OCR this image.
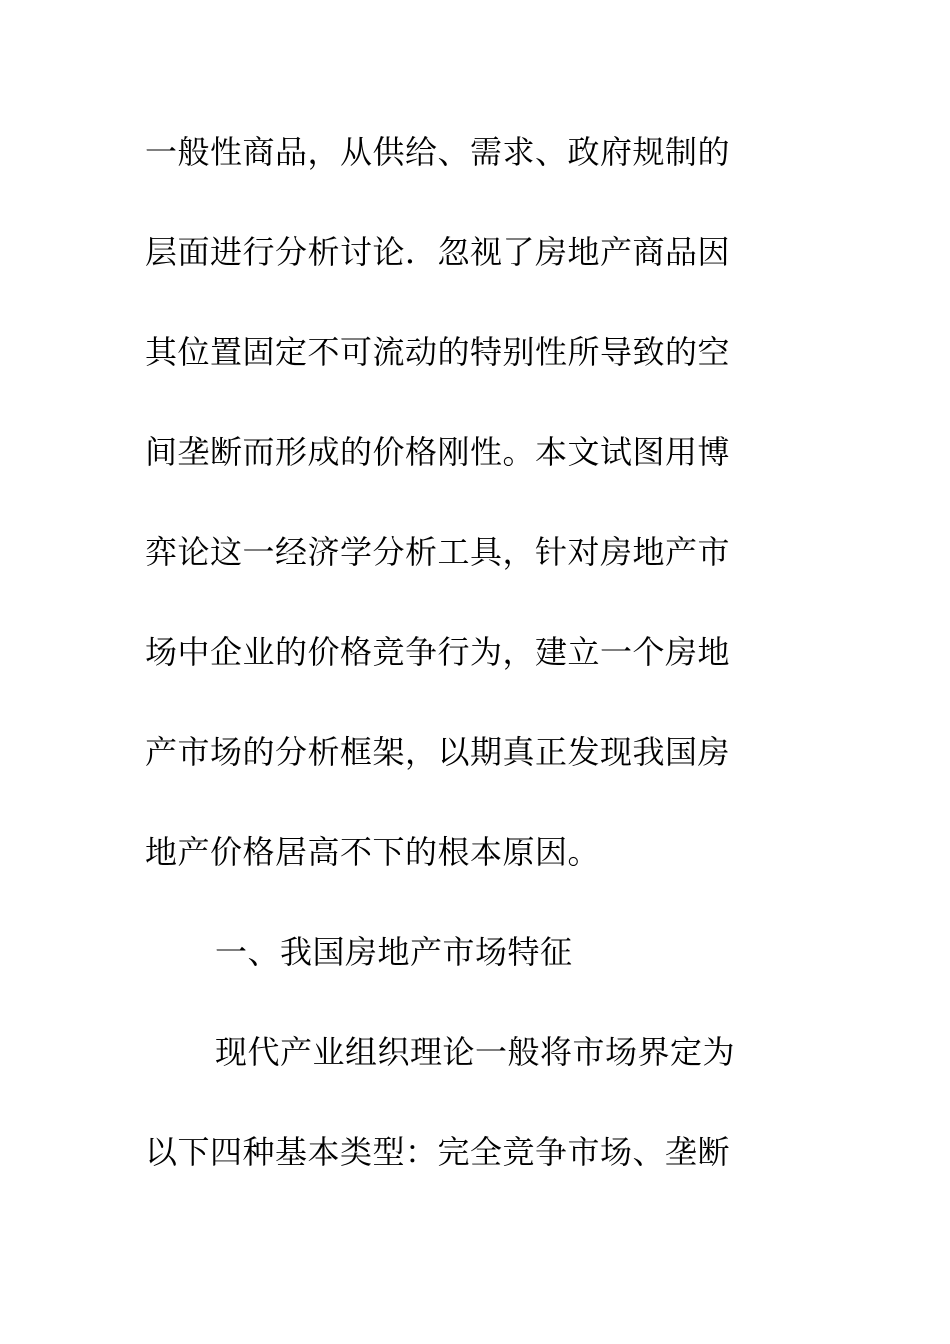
一般性商品，从供给、需求、政府规制的
层面进行分析讨论．忽视了房地产商品因
其位置固定不可流动的特别性所导致的空
间垄断而形成的价格刚性。本文试图用博
弈论这一经济学分析工具，针对房地产市
场中企业的价格竞争行为，建立一个房地
产市场的分析框架，以期真正发现我国房
地产价格居高不下的根本原因。
一、我国房地产市场特征
现代产业组织理论一般将市场界定为
以下四种基本类型：完全竞争市场、垄断
